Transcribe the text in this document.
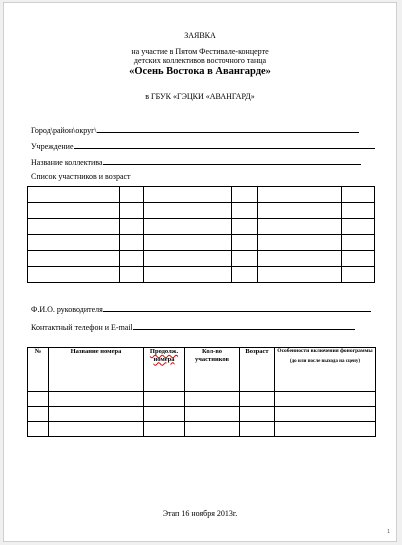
ЗАЯВКА
на участие в Пятом Фестивале-концерте
детских коллективов восточного танца
«Осень Востока в Авангарде»
в ГБУК «ГЭЦКИ «АВАНГАРД»
Город\район\округ\
Учреждение
Название коллектива
Список участников и возраст

Ф.И.О. руководителя
Контактный телефон и E-mail
№	Название номера	Продолж. номера	Кол-во участников	Возраст	Особенности включения фонограммы
(до или после выхода на сцену)

Этап 16 ноября 2013г.
1
